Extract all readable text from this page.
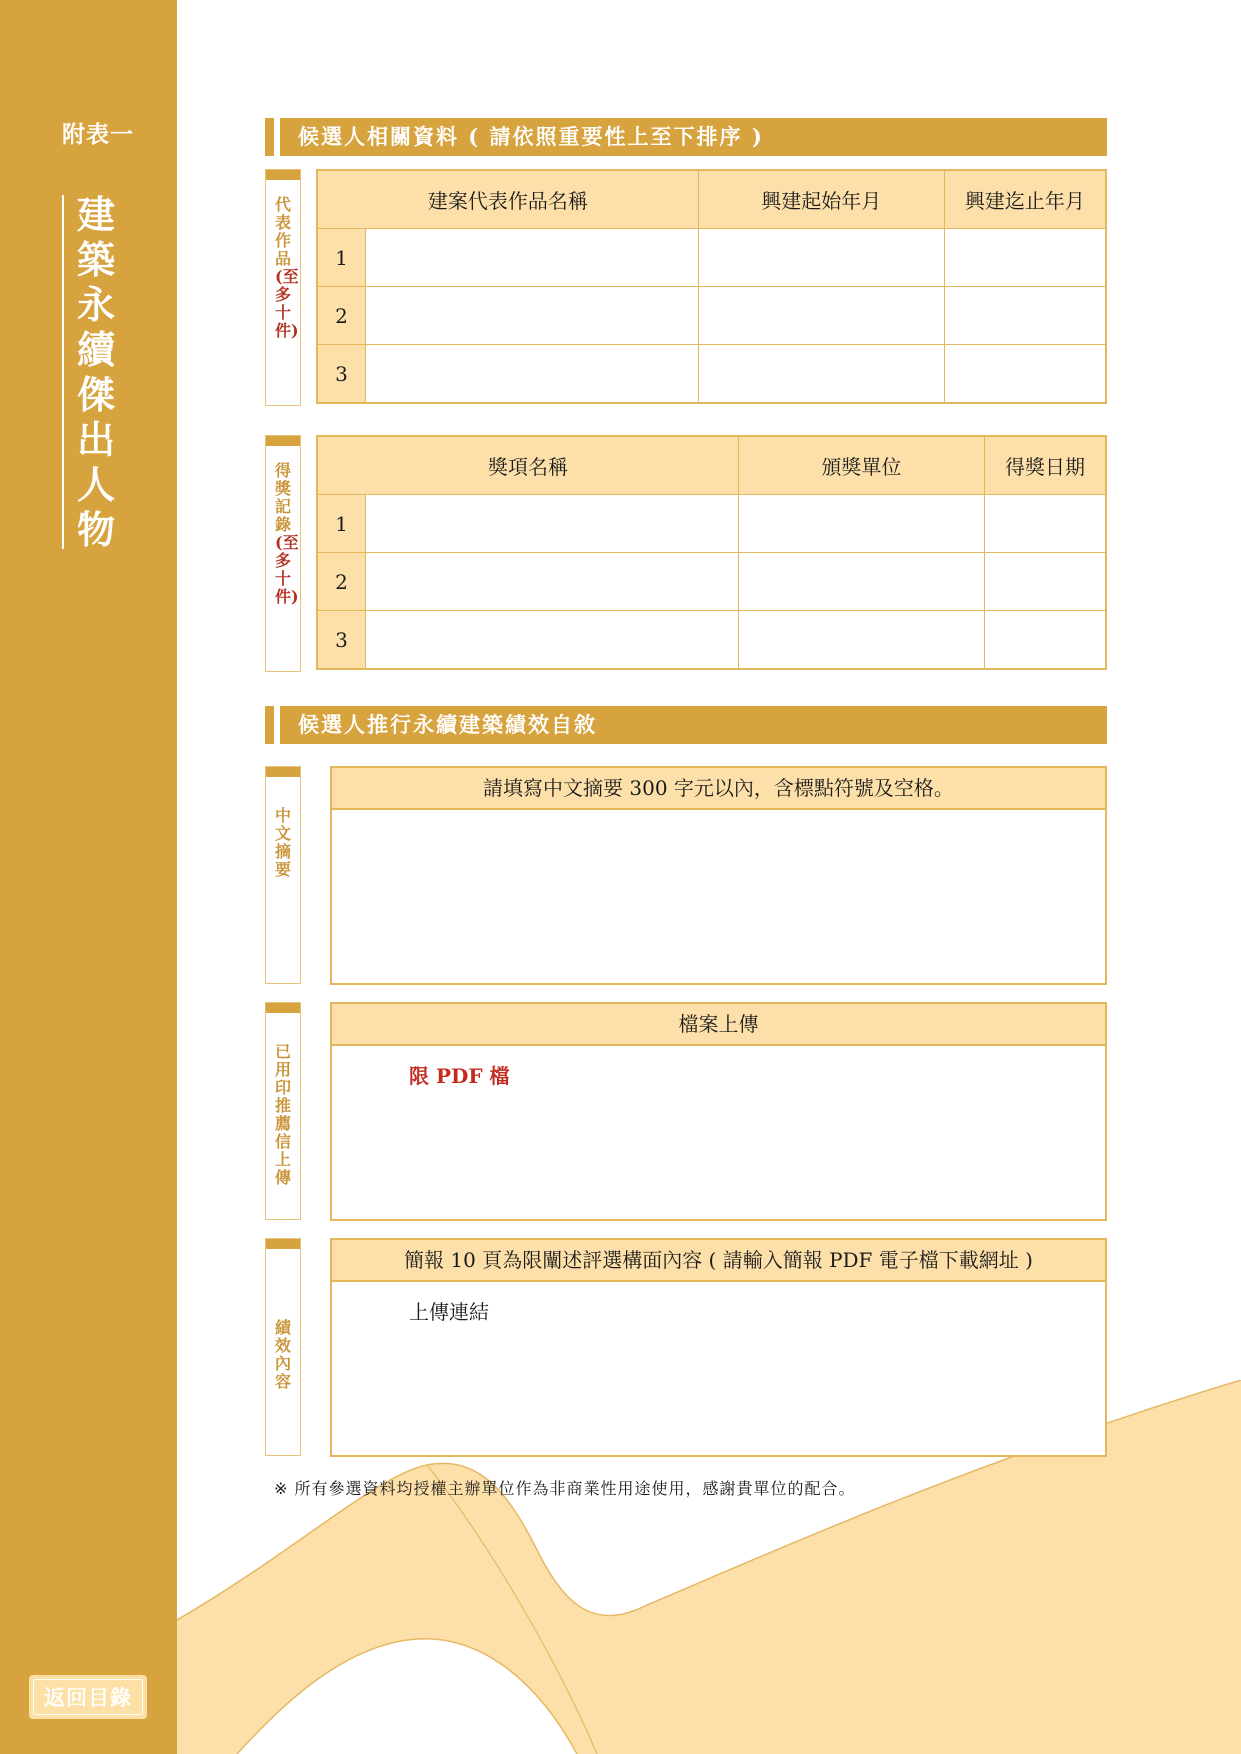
附表一
建築永續傑出人物
返回目錄
候選人相關資料 ( 請依照重要性上至下排序 )
代表作品(至多十件)
建案代表作品名稱		興建起始年月	興建迄止年月
1			
2			
3			
得獎記錄(至多十件)
獎項名稱		頒獎單位	得獎日期
1			
2			
3			
候選人推行永續建築績效自敘
中文摘要
請填寫中文摘要 300 字元以內，含標點符號及空格。
已用印推薦信上傳
檔案上傳
限 PDF 檔
績效內容
簡報 10 頁為限闡述評選構面內容 ( 請輸入簡報 PDF 電子檔下載網址 )
上傳連結
※ 所有參選資料均授權主辦單位作為非商業性用途使用，感謝貴單位的配合。
